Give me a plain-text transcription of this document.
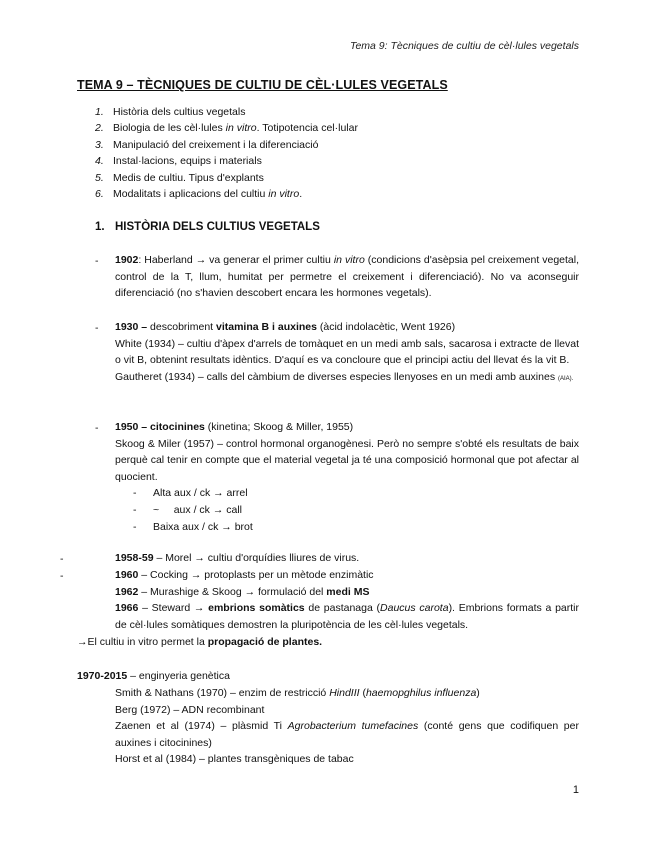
Tema 9: Tècniques de cultiu de cèl·lules vegetals
TEMA 9 – TÈCNIQUES DE CULTIU DE CÈL·LULES VEGETALS
1. Història dels cultius vegetals
2. Biologia de les cèl·lules in vitro. Totipotencia cel·lular
3. Manipulació del creixement i la diferenciació
4. Instal·lacions, equips i materials
5. Medis de cultiu. Tipus d'explants
6. Modalitats i aplicacions del cultiu in vitro.
1. HISTÒRIA DELS CULTIUS VEGETALS
- 1902: Haberland → va generar el primer cultiu in vitro (condicions d'asèpsia pel creixement vegetal, control de la T, llum, humitat per permetre el creixement i diferenciació). No va aconseguir diferenciació (no s'havien descobert encara les hormones vegetals).
- 1930 – descobriment vitamina B i auxines (àcid indolacètic, Went 1926)
White (1934) – cultiu d'àpex d'arrels de tomàquet en un medi amb sals, sacarosa i extracte de llevat o vit B, obtenint resultats idèntics. D'aquí es va concloure que el principi actiu del llevat és la vit B.
Gautheret (1934) – calls del càmbium de diverses especies llenyoses en un medi amb auxines (AIA).
- 1950 – citocinines (kinetina; Skoog & Miller, 1955)
Skoog & Miler (1957) – control hormonal organogènesi. Però no sempre s'obté els resultats de baix perquè cal tenir en compte que el material vegetal ja té una composició hormonal que pot afectar al quocient.
- Alta aux / ck → arrel
- ~     aux / ck → call
- Baixa aux / ck → brot
-	1958-59 – Morel → cultiu d'orquídies lliures de virus.
-	1960 – Cocking → protoplasts per un mètode enzimàtic
1962 – Murashige & Skoog → formulació del medi MS
1966 – Steward → embrions somàtics de pastanaga (Daucus carota). Embrions formats a partir de cèl·lules somàtiques demostren la pluripotència de les cèl·lules vegetals.
→El cultiu in vitro permet la propagació de plantes.
1970-2015 – enginyeria genètica
Smith & Nathans (1970) – enzim de restricció HindIII (haemopghilus influenza)
Berg (1972) – ADN recombinant
Zaenen et al (1974) – plàsmid Ti Agrobacterium tumefacines (conté gens que codifiquen per auxines i citocinines)
Horst et al (1984) – plantes transgèniques de tabac
1
